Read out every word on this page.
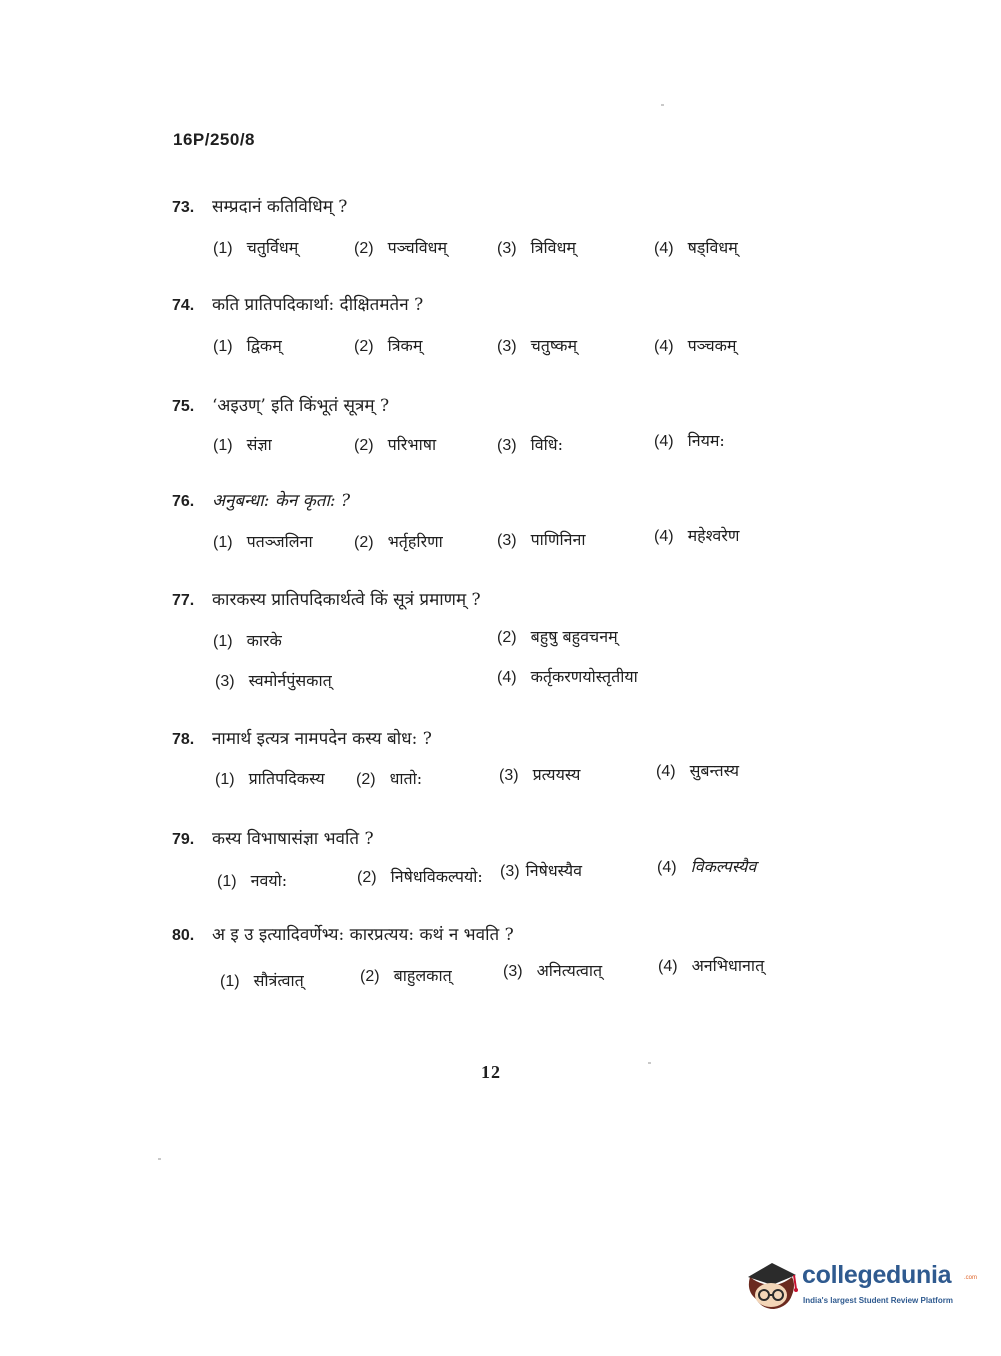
16P/250/8
73.	सम्प्रदानं कतिविधिम् ?
(1) चतुर्विधम्	(2) पञ्चविधम्	(3) त्रिविधम्	(4) षड्विधम्
74.	कति प्रातिपदिकार्था: दीक्षितमतेन ?
(1) द्विकम्	(2) त्रिकम्	(3) चतुष्कम्	(4) पञ्चकम्
75.	‘अइउण्’ इति किंभूतं सूत्रम् ?
(1) संज्ञा	(2) परिभाषा	(3) विधि:	(4) नियम:
76.	अनुबन्धा: केन कृता: ?
(1) पतञ्जलिना	(2) भर्तृहरिणा	(3) पाणिनिना	(4) महेश्वरेण
77.	कारकस्य प्रातिपदिकार्थत्वे किं सूत्रं प्रमाणम् ?
(1) कारके	(2) बहुषु बहुवचनम्
(3) स्वमोर्नपुंसकात्	(4) कर्तृकरणयोस्तृतीया
78.	नामार्थ इत्यत्र नामपदेन कस्य बोध: ?
(1) प्रातिपदिकस्य (2) धातो:	(3) प्रत्ययस्य	(4) सुबन्तस्य
79.	कस्य विभाषासंज्ञा भवति ?
(1) नवयो:	(2) निषेधविकल्पयो: (3) निषेधस्यैव	(4) विकल्पस्यैव
80.	अ इ उ इत्यादिवर्णेभ्य: कारप्रत्यय: कथं न भवति ?
(1) सौत्रंत्वात्	(2) बाहुलकात्	(3) अनित्यत्वात्	(4) अनभिधानात्
12
collegedunia .com
India's largest Student Review Platform
